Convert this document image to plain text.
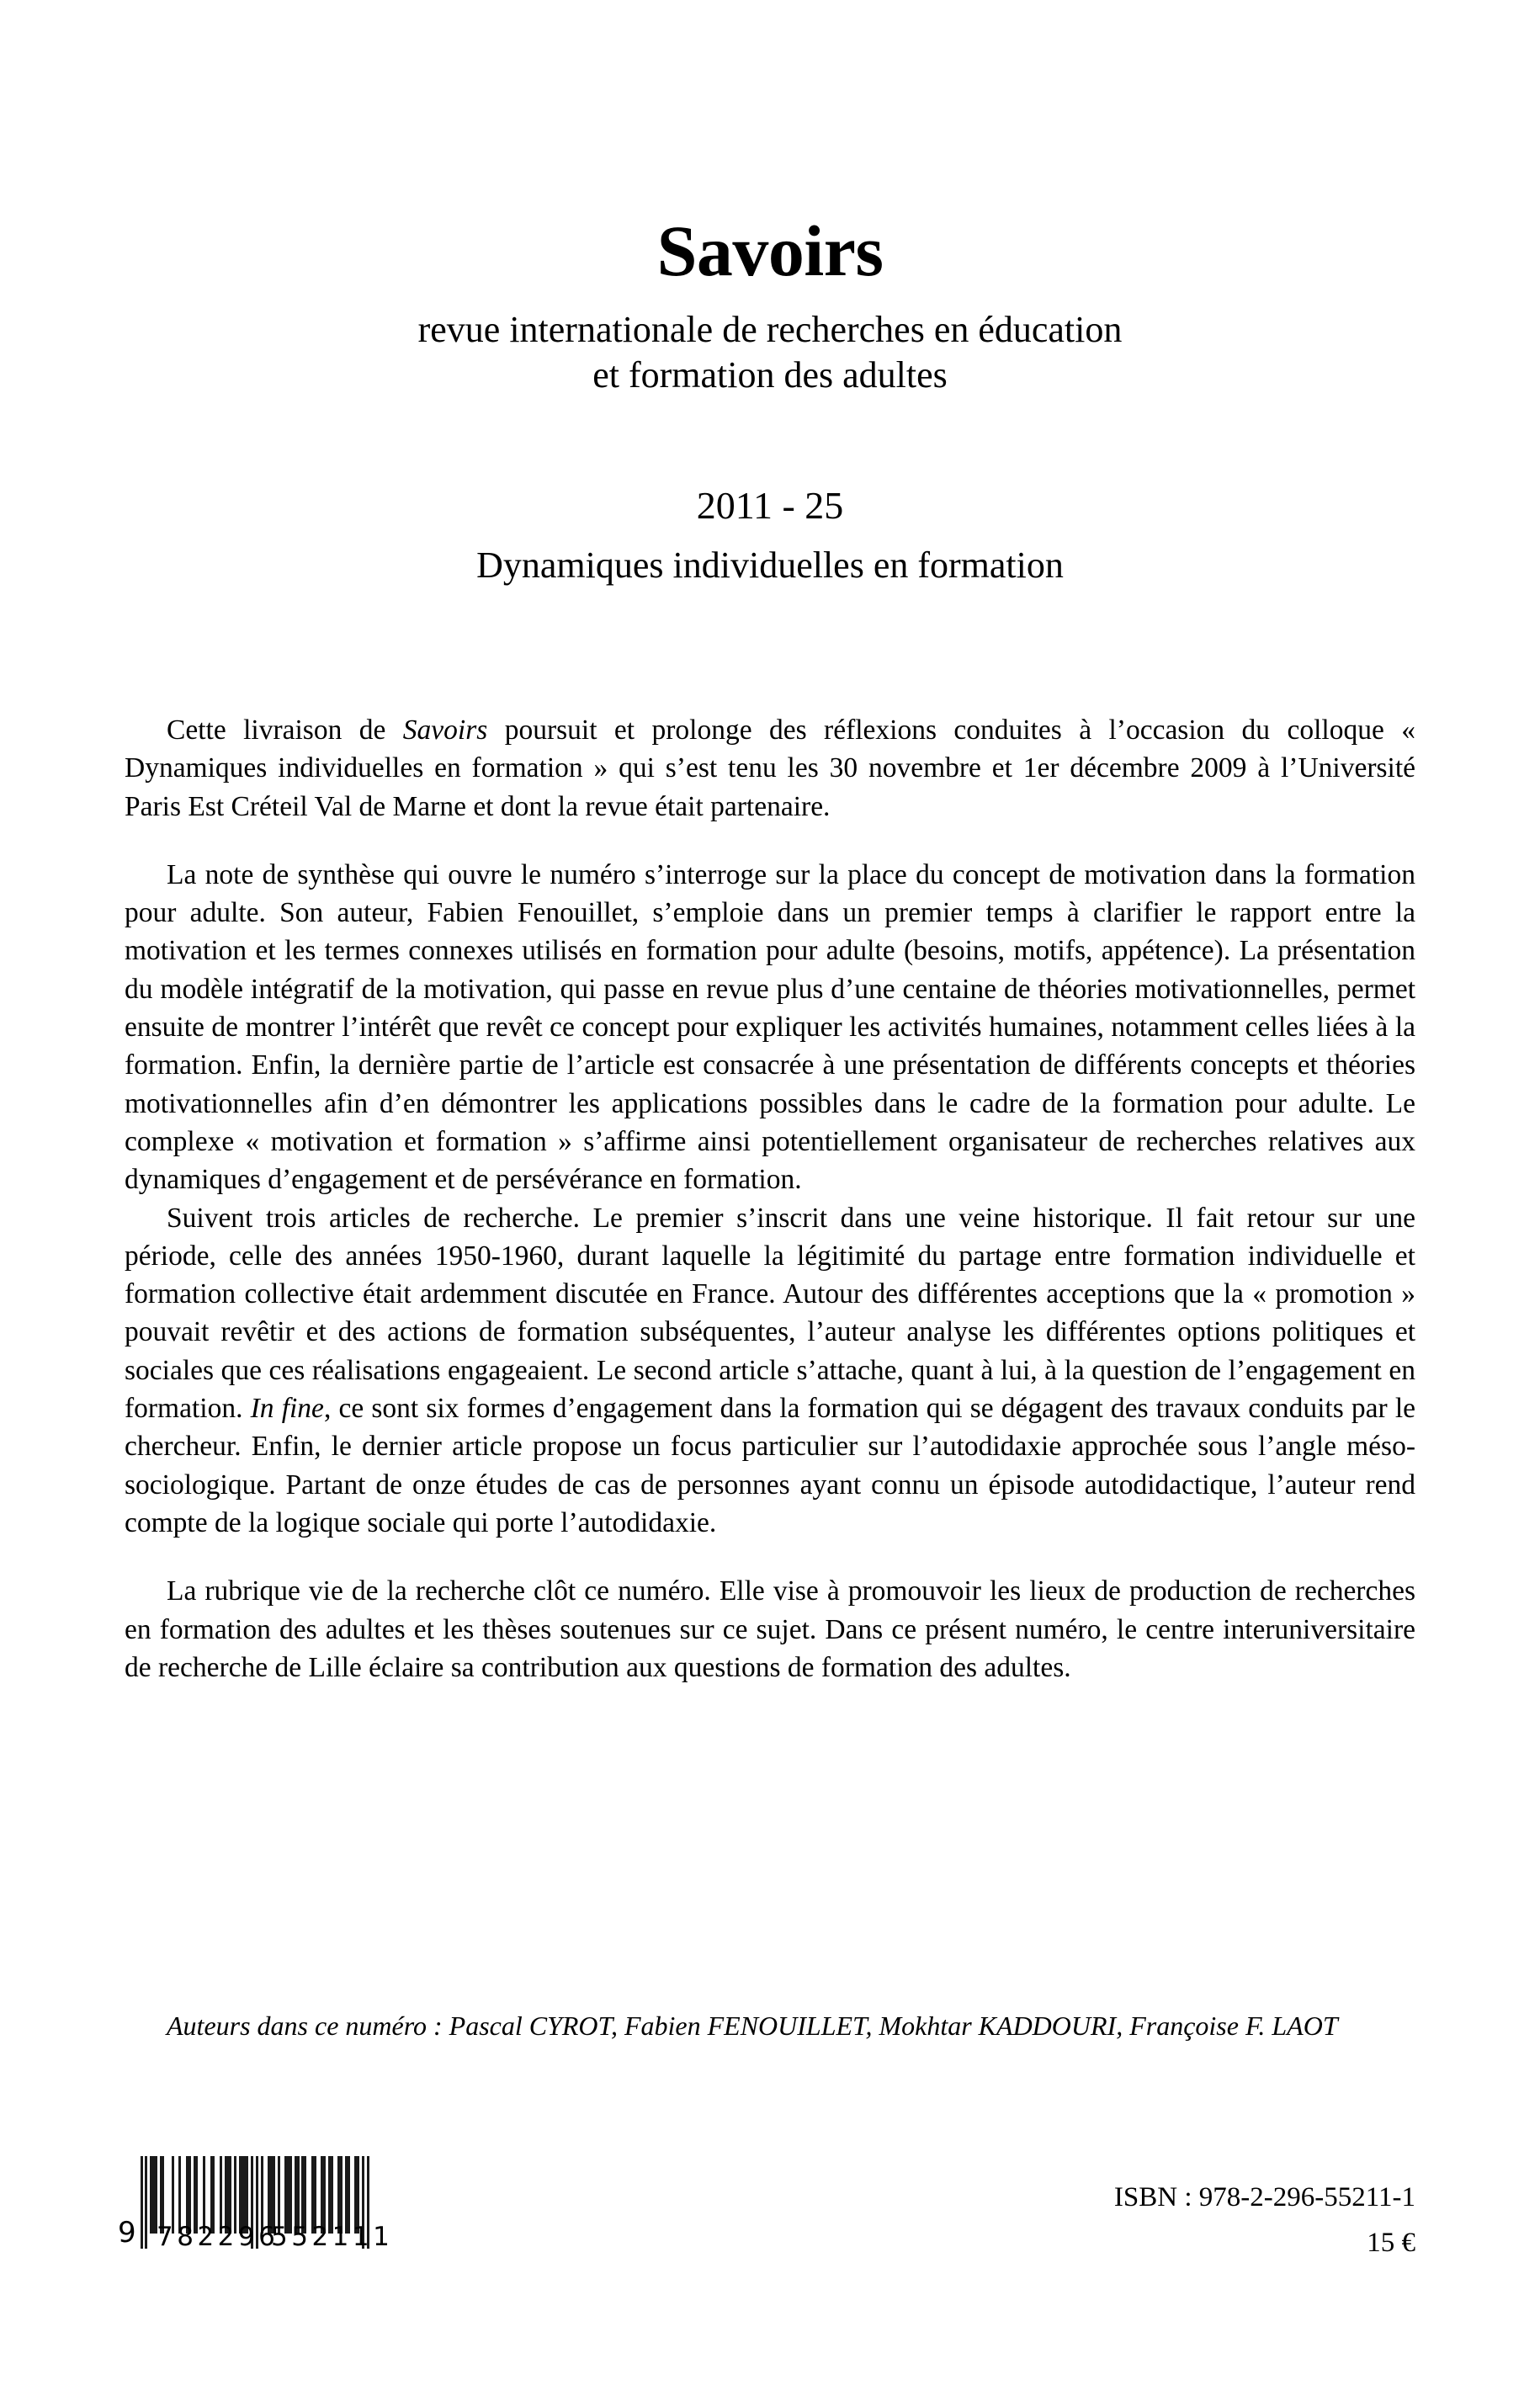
Savoirs
revue internationale de recherches en éducation
et formation des adultes
2011 - 25
Dynamiques individuelles en formation

Cette livraison de Savoirs poursuit et prolonge des réflexions conduites à l’occasion du colloque « Dynamiques individuelles en formation » qui s’est tenu les 30 novembre et 1er décembre 2009 à l’Université Paris Est Créteil Val de Marne et dont la revue était partenaire.

La note de synthèse qui ouvre le numéro s’interroge sur la place du concept de motivation dans la formation pour adulte. Son auteur, Fabien Fenouillet, s’emploie dans un premier temps à clarifier le rapport entre la motivation et les termes connexes utilisés en formation pour adulte (besoins, motifs, appétence). La présentation du modèle intégratif de la motivation, qui passe en revue plus d’une centaine de théories motivationnelles, permet ensuite de montrer l’intérêt que revêt ce concept pour expliquer les activités humaines, notamment celles liées à la formation. Enfin, la dernière partie de l’article est consacrée à une présentation de différents concepts et théories motivationnelles afin d’en démontrer les applications possibles dans le cadre de la formation pour adulte. Le complexe « motivation et formation » s’affirme ainsi potentiellement organisateur de recherches relatives aux dynamiques d’engagement et de persévérance en formation.

Suivent trois articles de recherche. Le premier s’inscrit dans une veine historique. Il fait retour sur une période, celle des années 1950-1960, durant laquelle la légitimité du partage entre formation individuelle et formation collective était ardemment discutée en France. Autour des différentes acceptions que la « promotion » pouvait revêtir et des actions de formation subséquentes, l’auteur analyse les différentes options politiques et sociales que ces réalisations engageaient. Le second article s’attache, quant à lui, à la question de l’engagement en formation. In fine, ce sont six formes d’engagement dans la formation qui se dégagent des travaux conduits par le chercheur. Enfin, le dernier article propose un focus particulier sur l’autodidaxie approchée sous l’angle méso-sociologique. Partant de onze études de cas de personnes ayant connu un épisode autodidactique, l’auteur rend compte de la logique sociale qui porte l’autodidaxie.

La rubrique vie de la recherche clôt ce numéro. Elle vise à promouvoir les lieux de production de recherches en formation des adultes et les thèses soutenues sur ce sujet. Dans ce présent numéro, le centre interuniversitaire de recherche de Lille éclaire sa contribution aux questions de formation des adultes.

Auteurs dans ce numéro : Pascal CYROT, Fabien FENOUILLET, Mokhtar KADDOURI, Françoise F. LAOT
9 782296
552111
ISBN : 978-2-296-55211-1
15 €
